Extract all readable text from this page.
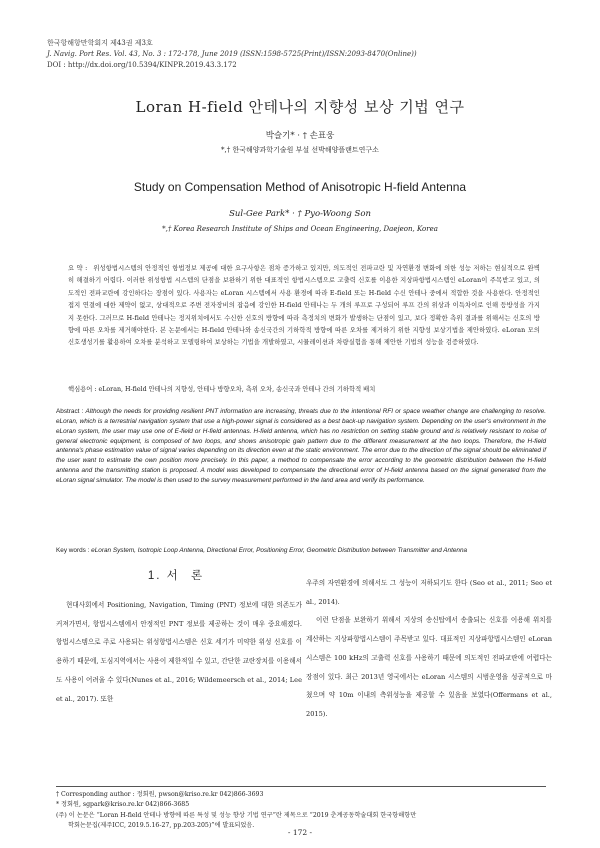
한국항해항만학회지 제43권 제3호
J. Navig. Port Res. Vol. 43, No. 3 : 172-178, June 2019 (ISSN:1598-5725(Print)/ISSN:2093-8470(Online))
DOI : http://dx.doi.org/10.5394/KINPR.2019.43.3.172
Loran H-field 안테나의 지향성 보상 기법 연구
박슬기* · † 손표웅
*,† 한국해양과학기술원 부설 선박해양플랜트연구소
Study on Compensation Method of Anisotropic H-field Antenna
Sul-Gee Park* · † Pyo-Woong Son
*,† Korea Research Institute of Ships and Ocean Engineering, Daejeon, Korea
요 약 : 위성항법시스템의 안정적인 항법정보 제공에 대한 요구사항은 점차 증가하고 있지만, 의도적인 전파교란 및 자연환경 변화에 의한 성능 저하는 현실적으로 완벽히 해결하기 어렵다. 이러한 위성항법 시스템의 단점을 보완하기 위한 대표적인 항법시스템으로 고출력 신호를 이용한 지상파항법시스템인 eLoran이 주목받고 있고, 의도적인 전파교란에 강인하다는 장점이 있다. 사용자는 eLoran 시스템에서 사용 환경에 따라 E-field 또는 H-field 수신 안테나 중에서 적합한 것을 사용한다. 안정적인 접지 연결에 대한 제약이 없고, 상대적으로 주변 전자장비의 잡음에 강인한 H-field 안테나는 두 개의 루프로 구성되어 루프 간의 위상과 이득차이로 인해 등방성을 가지지 못한다. 그러므로 H-field 안테나는 정지위치에서도 수신한 신호의 방향에 따라 측정치의 변화가 발생하는 단점이 있고, 보다 정확한 측위 결과를 위해서는 신호의 방향에 따른 오차를 제거해야한다. 본 논문에서는 H-field 안테나와 송신국간의 기하학적 방향에 따른 오차를 제거하기 위한 지향성 보상기법을 제안하였다. eLoran 모의 신호생성기를 활용하여 오차를 분석하고 모델링하여 보상하는 기법을 개발하였고, 시뮬레이션과 차량실험을 통해 제안한 기법의 성능을 검증하였다.
핵심용어 : eLoran, H-field 안테나의 지향성, 안테나 방향오차, 측위 오차, 송신국과 안테나 간의 기하학적 배치
Abstract : Although the needs for providing resilient PNT information are increasing, threats due to the intentional RFI or space weather change are challenging to resolve. eLoran, which is a terrestrial navigation system that use a high-power signal is considered as a best back-up navigation system. Depending on the user's environment in the eLoran system, the user may use one of E-field or H-field antennas. H-field antenna, which has no restriction on setting stable ground and is relatively resistant to noise of general electronic equipment, is composed of two loops, and shows anisotropic gain pattern due to the different measurement at the two loops. Therefore, the H-field antenna's phase estimation value of signal varies depending on its direction even at the static environment. The error due to the direction of the signal should be eliminated if the user want to estimate the own position more precisely. In this paper, a method to compensate the error according to the geometric distribution between the H-field antenna and the transmitting station is proposed. A model was developed to compensate the directional error of H-field antenna based on the signal generated from the eLoran signal simulator. The model is then used to the survey measurement performed in the land area and verify its performance.
Key words : eLoran System, Isotropic Loop Antenna, Directional Error, Positioning Error, Geometric Distribution between Transmitter and Antenna
1. 서 론

현대사회에서 Positioning, Navigation, Timing (PNT) 정보에 대한 의존도가 커져가면서, 항법시스템에서 안정적인 PNT 정보를 제공하는 것이 매우 중요해졌다. 항법시스템으로 주로 사용되는 위성항법시스템은 신호 세기가 미약한 위성 신호를 이용하기 때문에, 도심지역에서는 사용이 제한적일 수 있고, 간단한 교란장치를 이용해서도 사용이 어려울 수 있다(Nunes et al., 2016; Wildemeersch et al., 2014; Lee et al., 2017). 또한

우주의 자연환경에 의해서도 그 성능이 저하되기도 한다 (Seo et al., 2011; Seo et al., 2014).

이런 단점을 보완하기 위해서 지상의 송신탑에서 송출되는 신호를 이용해 위치를 계산하는 지상파항법시스템이 주목받고 있다. 대표적인 지상파항법시스템인 eLoran 시스템은 100 kHz의 고출력 신호를 사용하기 때문에 의도적인 전파교란에 어렵다는 장점이 있다. 최근 2013년 영국에서는 eLoran 시스템의 시범운영을 성공적으로 마쳤으며 약 10m 이내의 측위성능을 제공할 수 있음을 보였다(Offermans et al., 2015).

† Corresponding author : 정회원, pwson@kriso.re.kr 042)866-3693
* 정회원, sgpark@kriso.re.kr 042)866-3685
(주) 이 논문은 “Loran H-field 안테나 방향에 따른 특성 및 성능 향상 기법 연구”란 제목으로 “2019 춘계공동학술대회 한국항해항만
학회논문집(제주ICC, 2019.5.16-27, pp.203-205)”에 발표되었음.
- 172 -
